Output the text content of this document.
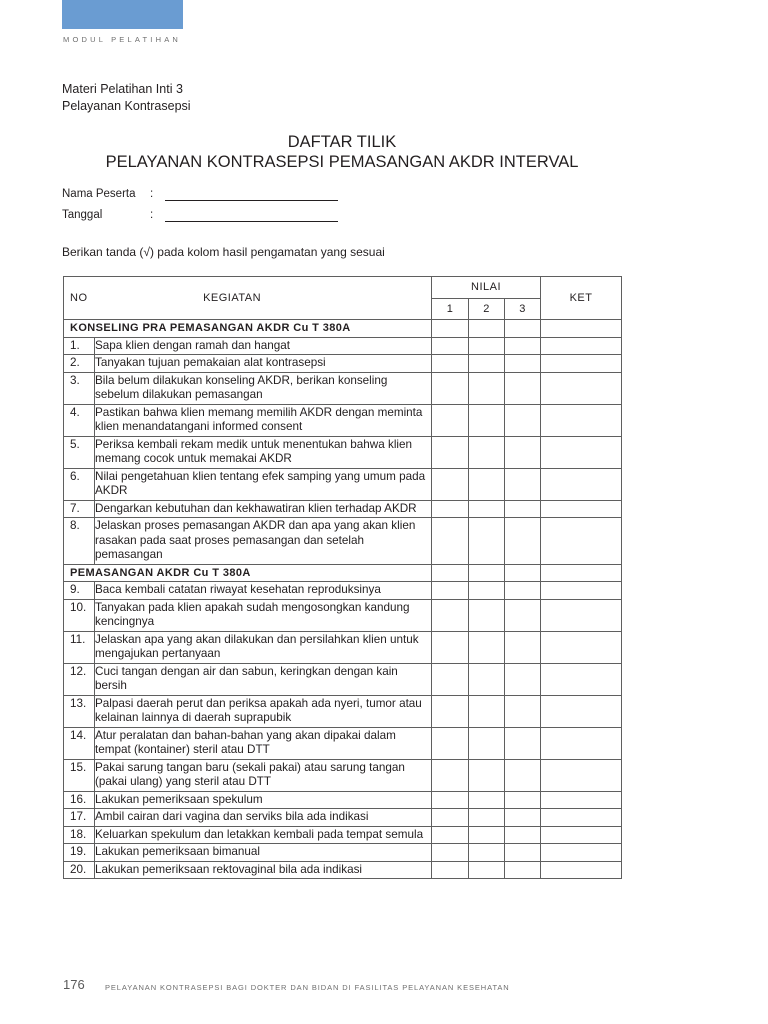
MODUL PELATIHAN
Materi Pelatihan Inti 3
Pelayanan Kontrasepsi
DAFTAR TILIK
PELAYANAN KONTRASEPSI PEMASANGAN AKDR INTERVAL
Nama Peserta :
Tanggal	:
Berikan tanda (√) pada kolom hasil pengamatan yang sesuai
NO KEGIATAN		NILAI			KET
		1	2	3	
KONSELING PRA PEMASANGAN AKDR Cu T 380A					
1.	Sapa klien dengan ramah dan hangat				
2.	Tanyakan tujuan pemakaian alat kontrasepsi				
3.	Bila belum dilakukan konseling AKDR, berikan konseling sebelum dilakukan pemasangan				
4.	Pastikan bahwa klien memang memilih AKDR dengan meminta klien menandatangani informed consent				
5.	Periksa kembali rekam medik untuk menentukan bahwa klien memang cocok untuk memakai AKDR				
6.	Nilai pengetahuan klien tentang efek samping yang umum pada AKDR				
7.	Dengarkan kebutuhan dan kekhawatiran klien terhadap AKDR				
8.	Jelaskan proses pemasangan AKDR dan apa yang akan klien rasakan pada saat proses pemasangan dan setelah pemasangan				
PEMASANGAN AKDR Cu T 380A					
9.	Baca kembali catatan riwayat kesehatan reproduksinya				
10.	Tanyakan pada klien apakah sudah mengosongkan kandung kencingnya				
11.	Jelaskan apa yang akan dilakukan dan persilahkan klien untuk mengajukan pertanyaan				
12.	Cuci tangan dengan air dan sabun, keringkan dengan kain bersih				
13.	Palpasi daerah perut dan periksa apakah ada nyeri, tumor atau kelainan lainnya di daerah suprapubik				
14.	Atur peralatan dan bahan-bahan yang akan dipakai dalam tempat (kontainer) steril atau DTT				
15.	Pakai sarung tangan baru (sekali pakai) atau sarung tangan (pakai ulang) yang steril atau DTT				
16.	Lakukan pemeriksaan spekulum				
17.	Ambil cairan dari vagina dan serviks bila ada indikasi				
18.	Keluarkan spekulum dan letakkan kembali pada tempat semula				
19.	Lakukan pemeriksaan bimanual				
20.	Lakukan pemeriksaan rektovaginal bila ada indikasi				
176	PELAYANAN KONTRASEPSI BAGI DOKTER DAN BIDAN DI FASILITAS PELAYANAN KESEHATAN
